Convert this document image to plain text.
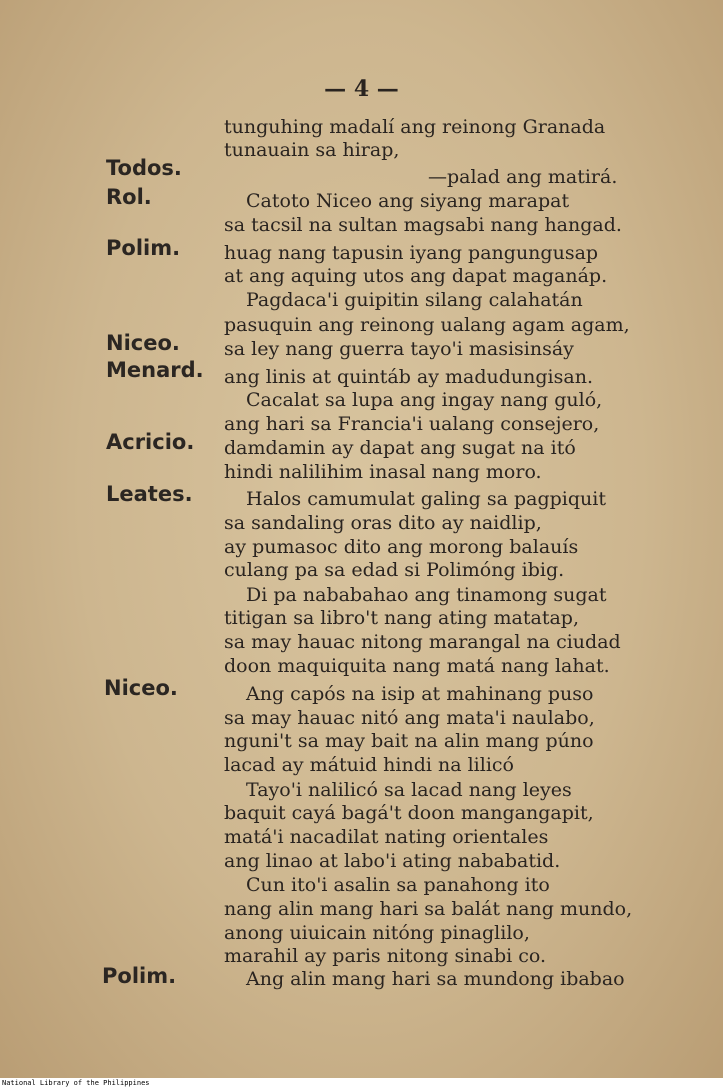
— 4 —
Todos.
Rol.
Polim.
Niceo.
Menard.
Acricio.
Leates.
Niceo.
Polim.
tunguhing madalí ang reinong Granada
tunauain sa hirap,
—palad ang matirá.
Catoto Niceo ang siyang marapat
sa tacsil na sultan magsabi nang hangad.
huag nang tapusin iyang pangungusap
at ang aquing utos ang dapat maganáp.
Pagdaca'i guipitin silang calahatán
pasuquin ang reinong ualang agam agam,
sa ley nang guerra tayo'i masisinsáy
ang linis at quintáb ay madudungisan.
Cacalat sa lupa ang ingay nang guló,
ang hari sa Francia'i ualang consejero,
damdamin ay dapat ang sugat na itó
hindi nalilihim inasal nang moro.
Halos camumulat galing sa pagpiquit
sa sandaling oras dito ay naidlip,
ay pumasoc dito ang morong balauís
culang pa sa edad si Polimóng ibig.
Di pa nababahao ang tinamong sugat
titigan sa libro't nang ating matatap,
sa may hauac nitong marangal na ciudad
doon maquiquita nang matá nang lahat.
Ang capós na isip at mahinang puso
sa may hauac nitó ang mata'i naulabo,
nguni't sa may bait na alin mang púno
lacad ay mátuid hindi na lilicó
Tayo'i nalilicó sa lacad nang leyes
baquit cayá bagá't doon mangangapit,
matá'i nacadilat nating orientales
ang linao at labo'i ating nababatid.
Cun ito'i asalin sa panahong ito
nang alin mang hari sa balát nang mundo,
anong uiuicain nitóng pinaglilo,
marahil ay paris nitong sinabi co.
Ang alin mang hari sa mundong ibabao
National Library of the Philippines
